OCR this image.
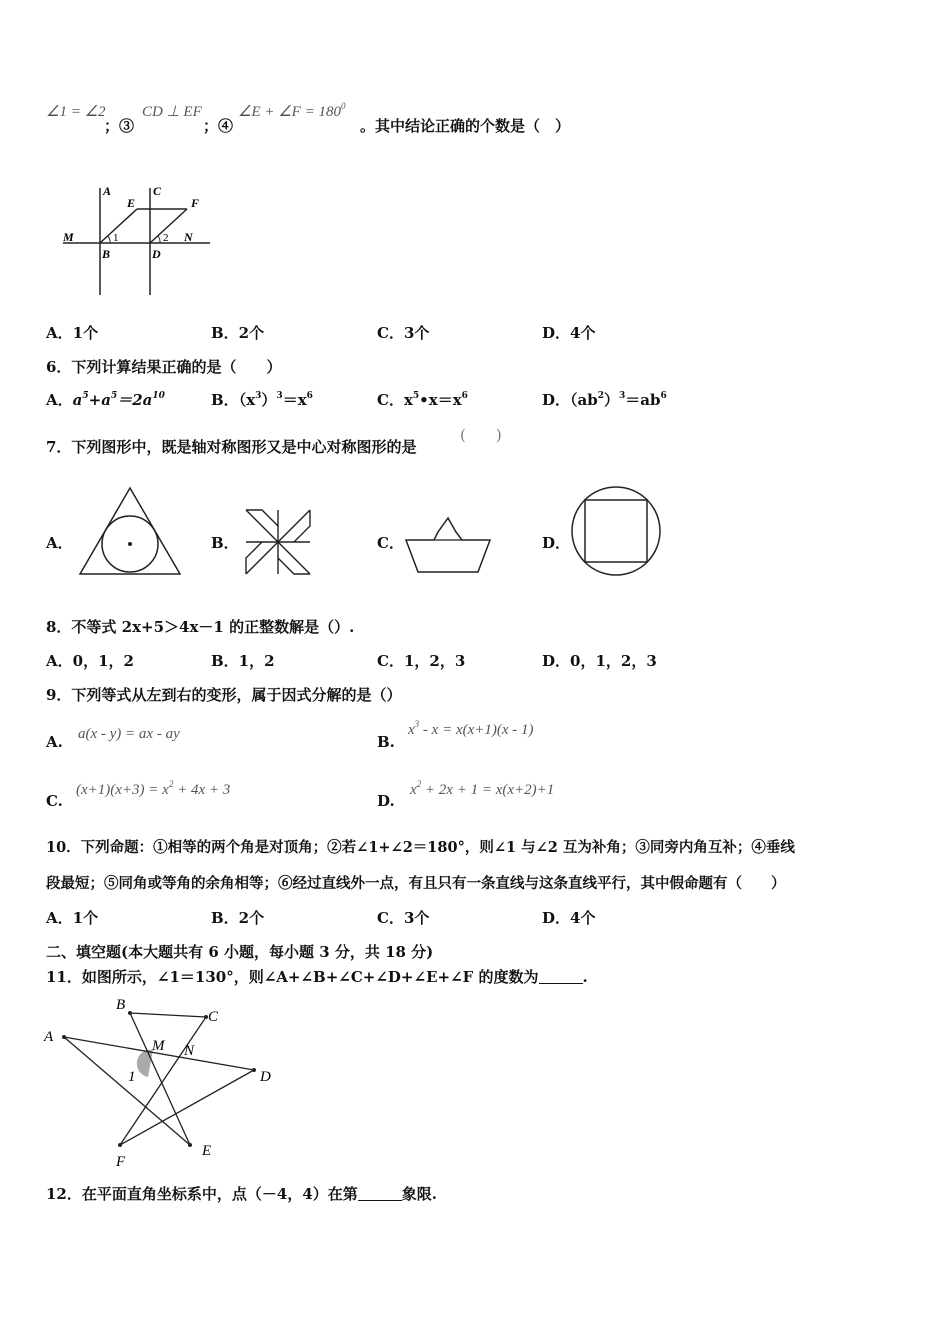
∠1 = ∠2
；③
CD ⊥ EF
；④
∠E + ∠F = $180^0$
。其中结论正确的个数是（　）
A	C
E	F
M	N
B	D
1	2
A．1个	B．2个	C．3个	D．4个
6．下列计算结果正确的是（　　）
A．$a^5+a^5=2a^{10}$	B．$(x^3)^3=x^6$	C．$x^5•x=x^6$	D．$(ab^2)^3=ab^6$
7．下列图形中，既是轴对称图形又是中心对称图形的是
(　　)
A．	B．	C．	D．
8．不等式 2x+5＞4x－1 的正整数解是（）.
A．0，1，2	B．1，2	C．1，2，3	D．0，1，2，3
9．下列等式从左到右的变形，属于因式分解的是（）
A. a(x - y) = ax - ay	B.
$x^3 - x = x(x+1)(x - 1)$
C.
$(x+1)(x+3) = x^2 + 4x + 3$
D.
$x^2 + 2x + 1 = x(x+2)+1$
10．下列命题：①相等的两个角是对顶角；②若∠1+∠2＝180°，则∠1 与∠2 互为补角；③同旁内角互补；④垂线
段最短；⑤同角或等角的余角相等；⑥经过直线外一点，有且只有一条直线与这条直线平行，其中假命题有（　　）
A．1个	B．2个	C．3个	D．4个
二、填空题(本大题共有 6 小题，每小题 3 分，共 18 分)
11．如图所示，∠1＝130°，则∠A+∠B+∠C+∠D+∠E+∠F 的度数为	.
A
B
C
D
E
F
M N
1
12．在平面直角坐标系中，点（－4，4）在第	象限.
